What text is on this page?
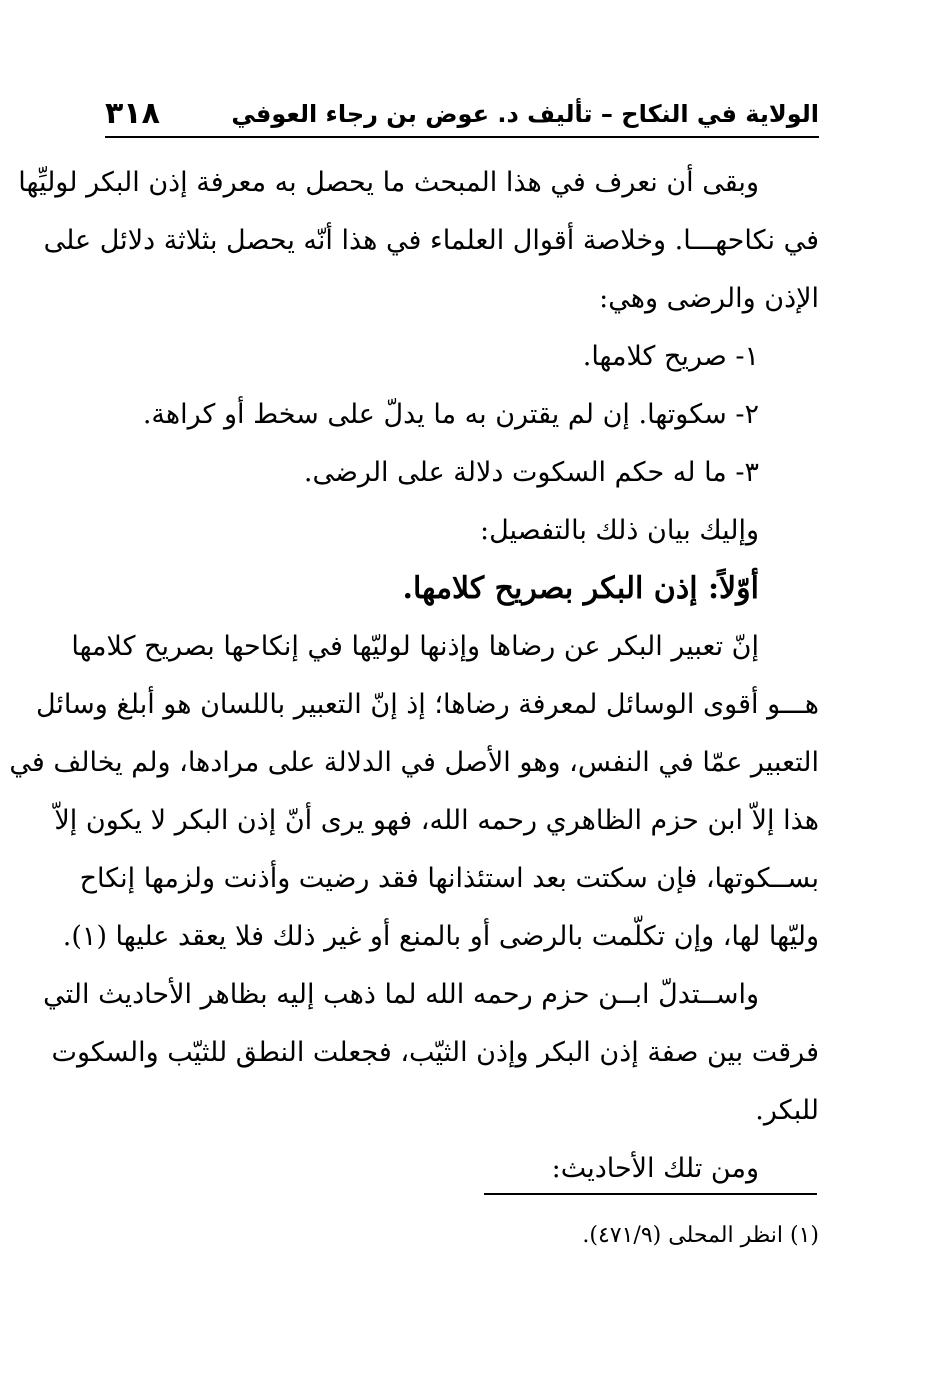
الولاية في النكاح – تأليف د. عوض بن رجاء العوفي
٣١٨
وبقى أن نعرف في هذا المبحث ما يحصل به معرفة إذن البكر لوليِّها
في نكاحهـــا. وخلاصة أقوال العلماء في هذا أنّه يحصل بثلاثة دلائل على
الإذن والرضى وهي:
١- صريح كلامها.
٢- سكوتها. إن لم يقترن به ما يدلّ على سخط أو كراهة.
٣- ما له حكم السكوت دلالة على الرضى.
وإليك بيان ذلك بالتفصيل:
أوّلاً: إذن البكر بصريح كلامها.
إنّ تعبير البكر عن رضاها وإذنها لوليّها في إنكاحها بصريح كلامها
هـــو أقوى الوسائل لمعرفة رضاها؛ إذ إنّ التعبير باللسان هو أبلغ وسائل
التعبير عمّا في النفس، وهو الأصل في الدلالة على مرادها، ولم يخالف في
هذا إلاّ ابن حزم الظاهري رحمه الله، فهو يرى أنّ إذن البكر لا يكون إلاّ
بســكوتها، فإن سكتت بعد استئذانها فقد رضيت وأذنت ولزمها إنكاح
وليّها لها، وإن تكلّمت بالرضى أو بالمنع أو غير ذلك فلا يعقد عليها (١).
واســتدلّ ابــن حزم رحمه الله لما ذهب إليه بظاهر الأحاديث التي
فرقت بين صفة إذن البكر وإذن الثيّب، فجعلت النطق للثيّب والسكوت
للبكر.
ومن تلك الأحاديث:
(١) انظر المحلى (٤٧١/٩).
